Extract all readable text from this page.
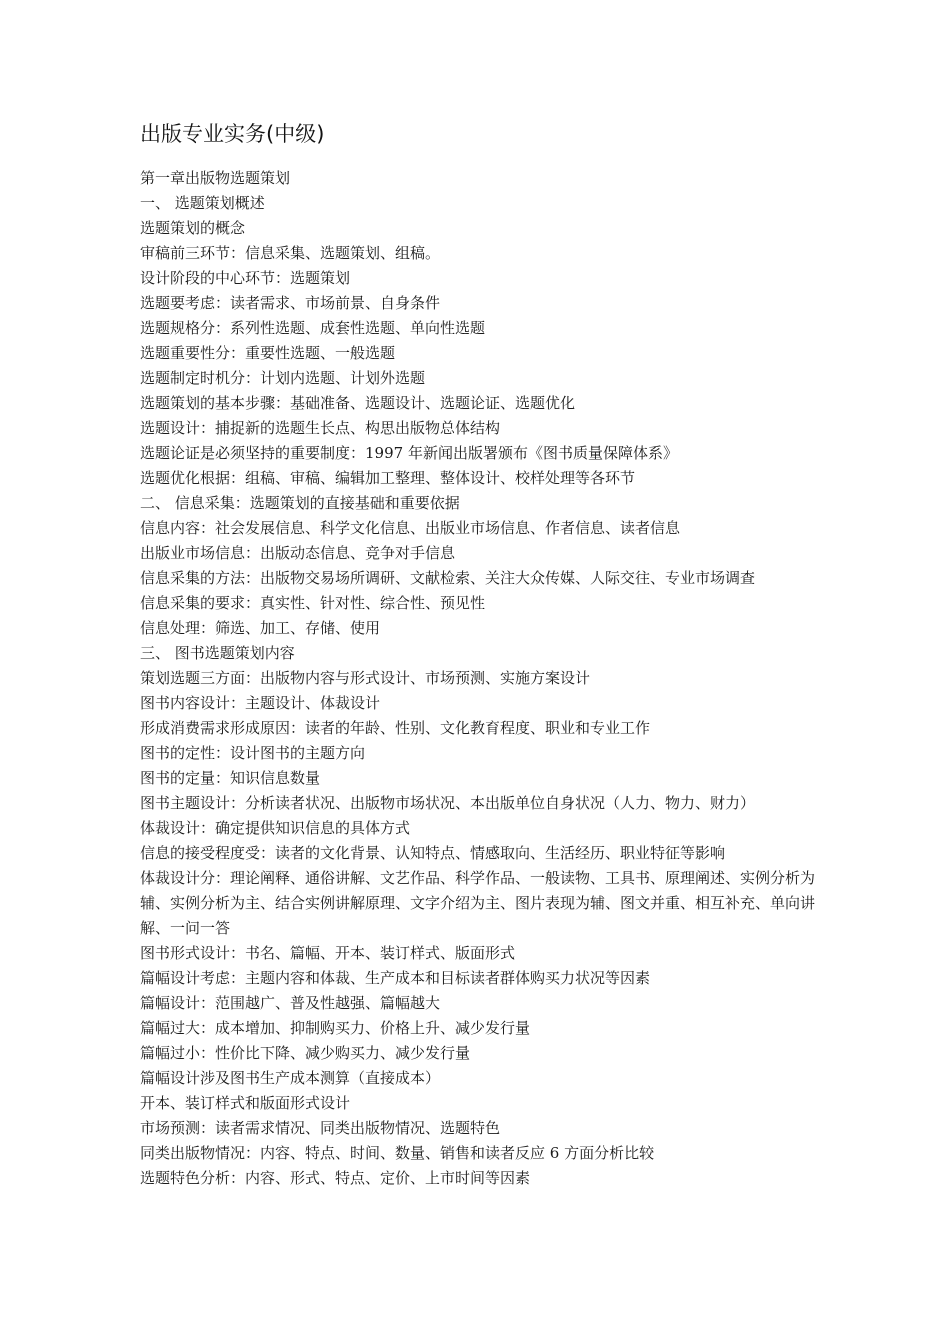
出版专业实务(中级)

第一章出版物选题策划

一、 选题策划概述

选题策划的概念

审稿前三环节：信息采集、选题策划、组稿。

设计阶段的中心环节：选题策划

选题要考虑：读者需求、市场前景、自身条件

选题规格分：系列性选题、成套性选题、单向性选题

选题重要性分：重要性选题、一般选题

选题制定时机分：计划内选题、计划外选题

选题策划的基本步骤：基础准备、选题设计、选题论证、选题优化

选题设计：捕捉新的选题生长点、构思出版物总体结构

选题论证是必须坚持的重要制度：1997 年新闻出版署颁布《图书质量保障体系》

选题优化根据：组稿、审稿、编辑加工整理、整体设计、校样处理等各环节

二、 信息采集：选题策划的直接基础和重要依据

信息内容：社会发展信息、科学文化信息、出版业市场信息、作者信息、读者信息

出版业市场信息：出版动态信息、竞争对手信息

信息采集的方法：出版物交易场所调研、文献检索、关注大众传媒、人际交往、专业市场调查

信息采集的要求：真实性、针对性、综合性、预见性

信息处理：筛选、加工、存储、使用

三、 图书选题策划内容

策划选题三方面：出版物内容与形式设计、市场预测、实施方案设计

图书内容设计：主题设计、体裁设计

形成消费需求形成原因：读者的年龄、性别、文化教育程度、职业和专业工作

图书的定性：设计图书的主题方向

图书的定量：知识信息数量

图书主题设计：分析读者状况、出版物市场状况、本出版单位自身状况（人力、物力、财力）

体裁设计：确定提供知识信息的具体方式

信息的接受程度受：读者的文化背景、认知特点、情感取向、生活经历、职业特征等影响

体裁设计分：理论阐释、通俗讲解、文艺作品、科学作品、一般读物、工具书、原理阐述、实例分析为辅、实例分析为主、结合实例讲解原理、文字介绍为主、图片表现为辅、图文并重、相互补充、单向讲解、一问一答

图书形式设计：书名、篇幅、开本、装订样式、版面形式

篇幅设计考虑：主题内容和体裁、生产成本和目标读者群体购买力状况等因素

篇幅设计：范围越广、普及性越强、篇幅越大

篇幅过大：成本增加、抑制购买力、价格上升、减少发行量

篇幅过小：性价比下降、减少购买力、减少发行量

篇幅设计涉及图书生产成本测算（直接成本）

开本、装订样式和版面形式设计

市场预测：读者需求情况、同类出版物情况、选题特色

同类出版物情况：内容、特点、时间、数量、销售和读者反应 6 方面分析比较

选题特色分析：内容、形式、特点、定价、上市时间等因素
